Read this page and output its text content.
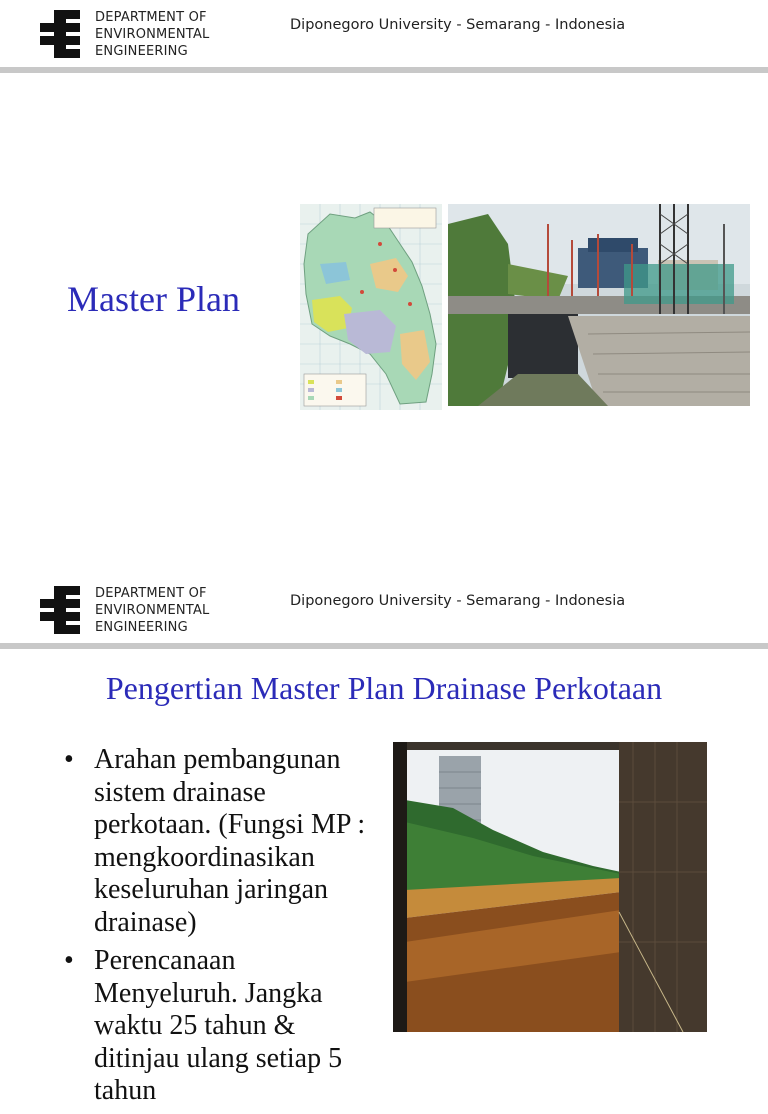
DEPARTMENT OF
ENVIRONMENTAL
ENGINEERING
Diponegoro University - Semarang - Indonesia
Master Plan
DEPARTMENT OF
ENVIRONMENTAL
ENGINEERING
Diponegoro University - Semarang - Indonesia
Pengertian Master Plan Drainase Perkotaan
• Arahan pembangunan sistem drainase perkotaan. (Fungsi MP : mengkoordinasikan keseluruhan jaringan drainase)
• Perencanaan Menyeluruh. Jangka waktu 25 tahun & ditinjau ulang setiap 5 tahun
